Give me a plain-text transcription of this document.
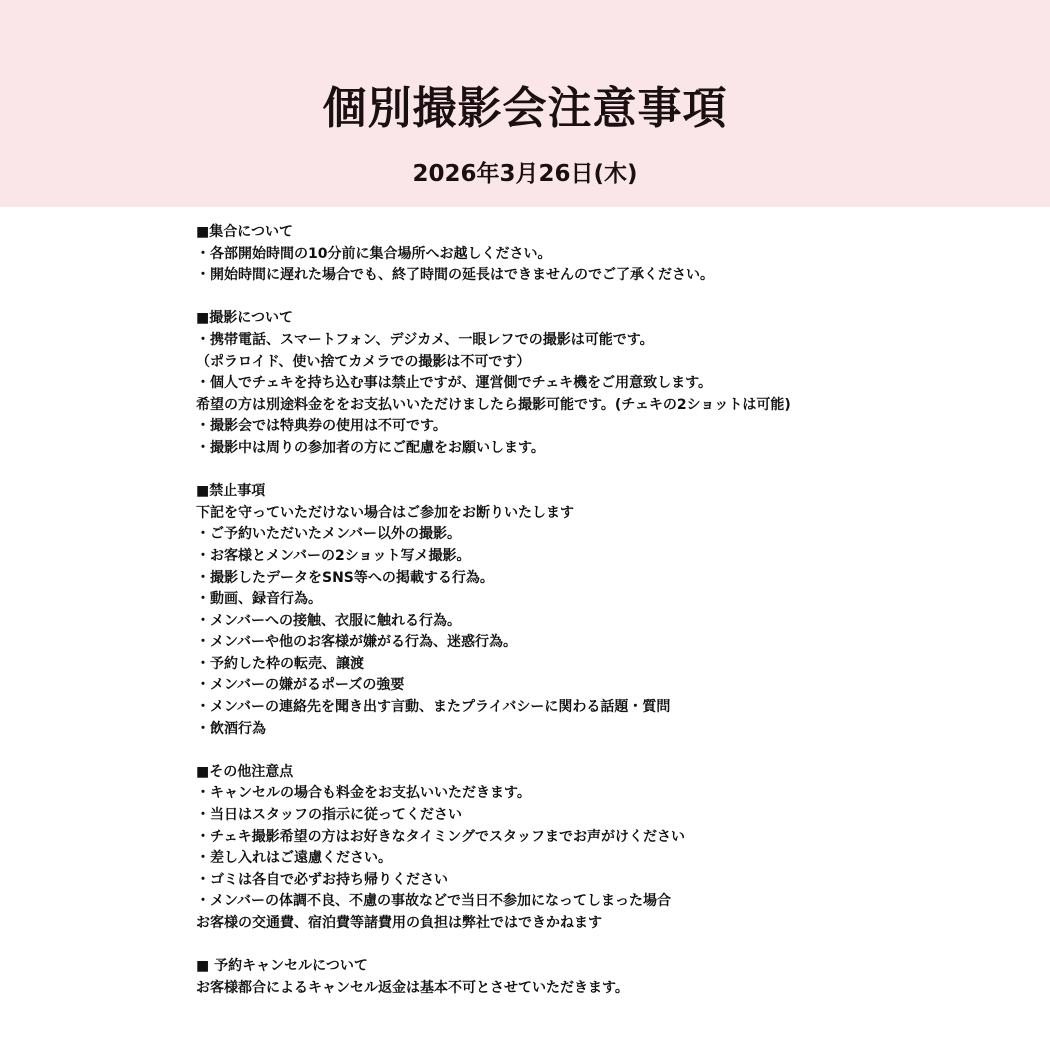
個別撮影会注意事項
2026年3月26日(木)
■集合について
・各部開始時間の10分前に集合場所へお越しください。
・開始時間に遅れた場合でも、終了時間の延長はできませんのでご了承ください。
■撮影について
・携帯電話、スマートフォン、デジカメ、一眼レフでの撮影は可能です。
（ポラロイド、使い捨てカメラでの撮影は不可です）
・個人でチェキを持ち込む事は禁止ですが、運営側でチェキ機をご用意致します。
希望の方は別途料金ををお支払いいただけましたら撮影可能です。(チェキの2ショットは可能)
・撮影会では特典券の使用は不可です。
・撮影中は周りの参加者の方にご配慮をお願いします。
■禁止事項
下記を守っていただけない場合はご参加をお断りいたします
・ご予約いただいたメンバー以外の撮影。
・お客様とメンバーの2ショット写メ撮影。
・撮影したデータをSNS等への掲載する行為。
・動画、録音行為。
・メンバーへの接触、衣服に触れる行為。
・メンバーや他のお客様が嫌がる行為、迷惑行為。
・予約した枠の転売、譲渡
・メンバーの嫌がるポーズの強要
・メンバーの連絡先を聞き出す言動、またプライバシーに関わる話題・質問
・飲酒行為
■その他注意点
・キャンセルの場合も料金をお支払いいただきます。
・当日はスタッフの指示に従ってください
・チェキ撮影希望の方はお好きなタイミングでスタッフまでお声がけください
・差し入れはご遠慮ください。
・ゴミは各自で必ずお持ち帰りください
・メンバーの体調不良、不慮の事故などで当日不参加になってしまった場合
お客様の交通費、宿泊費等諸費用の負担は弊社ではできかねます
■ 予約キャンセルについて
お客様都合によるキャンセル返金は基本不可とさせていただきます。
